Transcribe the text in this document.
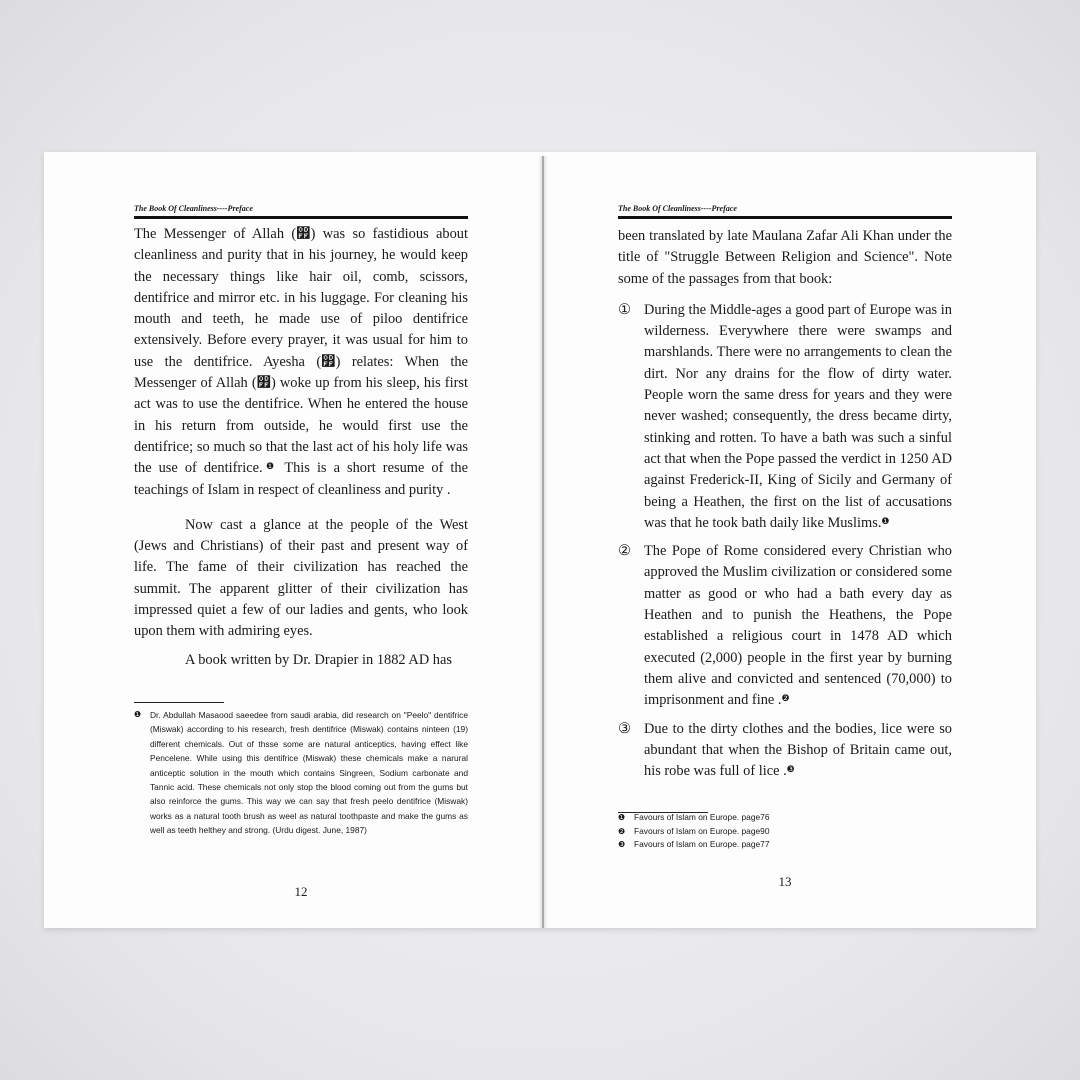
The Book Of Cleanliness----Preface

The Messenger of Allah (෿) was so fastidious about cleanliness and purity that in his journey, he would keep the necessary things like hair oil, comb, scissors, dentifrice and mirror etc. in his luggage. For cleaning his mouth and teeth, he made use of piloo dentifrice extensively. Before every prayer, it was usual for him to use the dentifrice. Ayesha (෿) relates: When the Messenger of Allah (෿) woke up from his sleep, his first act was to use the dentifrice. When he entered the house in his return from outside, he would first use the dentifrice; so much so that the last act of his holy life was the use of dentifrice.$^❶$ This is a short resume of the teachings of Islam in respect of cleanliness and purity .

Now cast a glance at the people of the West (Jews and Christians) of their past and present way of life. The fame of their civilization has reached the summit. The apparent glitter of their civilization has impressed quiet a few of our ladies and gents, who look upon them with admiring eyes.

A book written by Dr. Drapier in 1882 AD has

❶ Dr. Abdullah Masaood saeedee from saudi arabia, did research on "Peelo" dentifrice (Miswak) according to his research, fresh dentifrice (Miswak) contains ninteen (19) different chemicals. Out of thsse some are natural anticeptics, having effect like Pencelene. While using this dentifrice (Miswak) these chemicals make a narural anticeptic solution in the mouth which contains Singreen, Sodium carbonate and Tannic acid. These chemicals not only stop the blood coming out from the gums but also reinforce the gums. This way we can say that fresh peelo dentifrice (Miswak) works as a natural tooth brush as weel as natural toothpaste and make the gums as well as teeth helthey and strong. (Urdu digest. June, 1987)
12
The Book Of Cleanliness----Preface

been translated by late Maulana Zafar Ali Khan under the title of "Struggle Between Religion and Science". Note some of the passages from that book:

① During the Middle-ages a good part of Europe was in wilderness. Everywhere there were swamps and marshlands. There were no arrangements to clean the dirt. Nor any drains for the flow of dirty water. People worn the same dress for years and they were never washed; consequently, the dress became dirty, stinking and rotten. To have a bath was such a sinful act that when the Pope passed the verdict in 1250 AD against Frederick-II, King of Sicily and Germany of being a Heathen, the first on the list of accusations was that he took bath daily like Muslims.$^❶$
② The Pope of Rome considered every Christian who approved the Muslim civilization or considered some matter as good or who had a bath every day as Heathen and to punish the Heathens, the Pope established a religious court in 1478 AD which executed (2,000) people in the first year by burning them alive and convicted and sentenced (70,000) to imprisonment and fine .$^❷$
③ Due to the dirty clothes and the bodies, lice were so abundant that when the Bishop of Britain came out, his robe was full of lice .$^❸$
❶ Favours of Islam on Europe. page76
❷ Favours of Islam on Europe. page90
❸ Favours of Islam on Europe. page77
13
